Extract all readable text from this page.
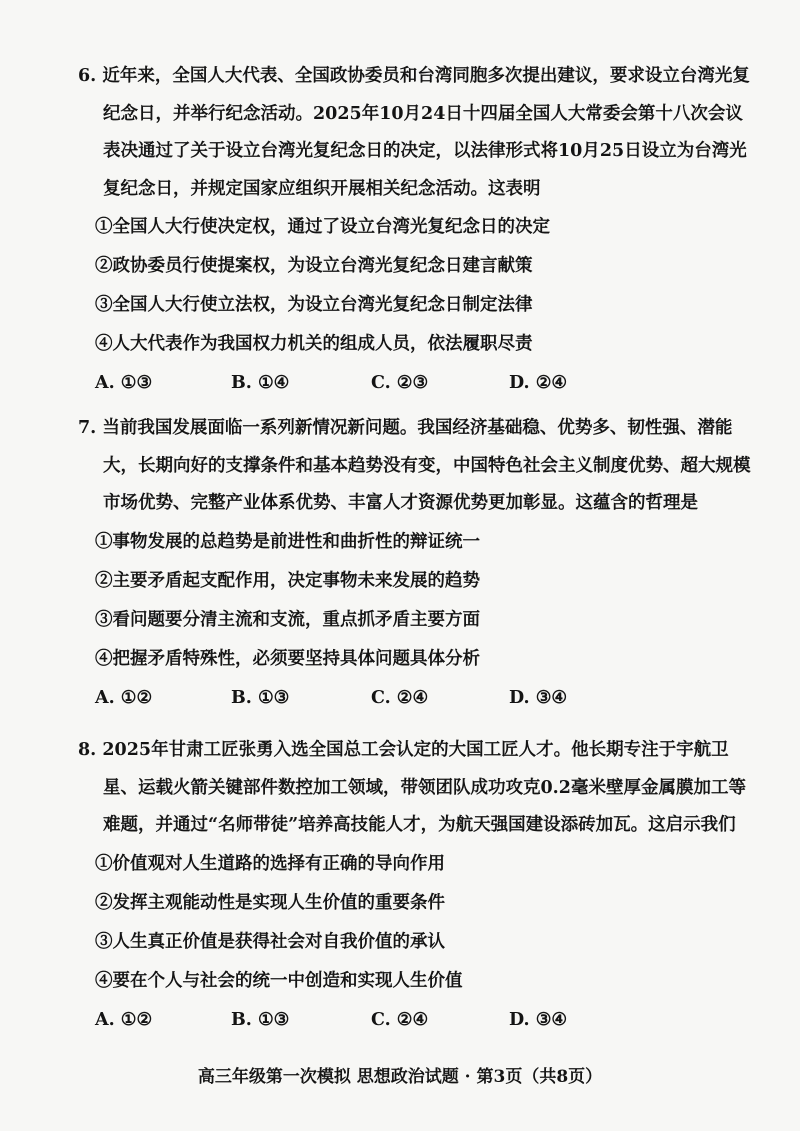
6. 近年来，全国人大代表、全国政协委员和台湾同胞多次提出建议，要求设立台湾光复纪念日，并举行纪念活动。2025年10月24日十四届全国人大常委会第十八次会议表决通过了关于设立台湾光复纪念日的决定，以法律形式将10月25日设立为台湾光复纪念日，并规定国家应组织开展相关纪念活动。这表明

①全国人大行使决定权，通过了设立台湾光复纪念日的决定

②政协委员行使提案权，为设立台湾光复纪念日建言献策

③全国人大行使立法权，为设立台湾光复纪念日制定法律

④人大代表作为我国权力机关的组成人员，依法履职尽责

A. ①③	B. ①④	C. ②③	D. ②④

7. 当前我国发展面临一系列新情况新问题。我国经济基础稳、优势多、韧性强、潜能大，长期向好的支撑条件和基本趋势没有变，中国特色社会主义制度优势、超大规模市场优势、完整产业体系优势、丰富人才资源优势更加彰显。这蕴含的哲理是

①事物发展的总趋势是前进性和曲折性的辩证统一

②主要矛盾起支配作用，决定事物未来发展的趋势

③看问题要分清主流和支流，重点抓矛盾主要方面

④把握矛盾特殊性，必须要坚持具体问题具体分析

A. ①②	B. ①③	C. ②④	D. ③④

8. 2025年甘肃工匠张勇入选全国总工会认定的大国工匠人才。他长期专注于宇航卫星、运载火箭关键部件数控加工领域，带领团队成功攻克0.2毫米壁厚金属膜加工等难题，并通过“名师带徒”培养高技能人才，为航天强国建设添砖加瓦。这启示我们

①价值观对人生道路的选择有正确的导向作用

②发挥主观能动性是实现人生价值的重要条件

③人生真正价值是获得社会对自我价值的承认

④要在个人与社会的统一中创造和实现人生价值

A. ①②	B. ①③	C. ②④	D. ③④
高三年级第一次模拟 思想政治试题 · 第3页（共8页）
